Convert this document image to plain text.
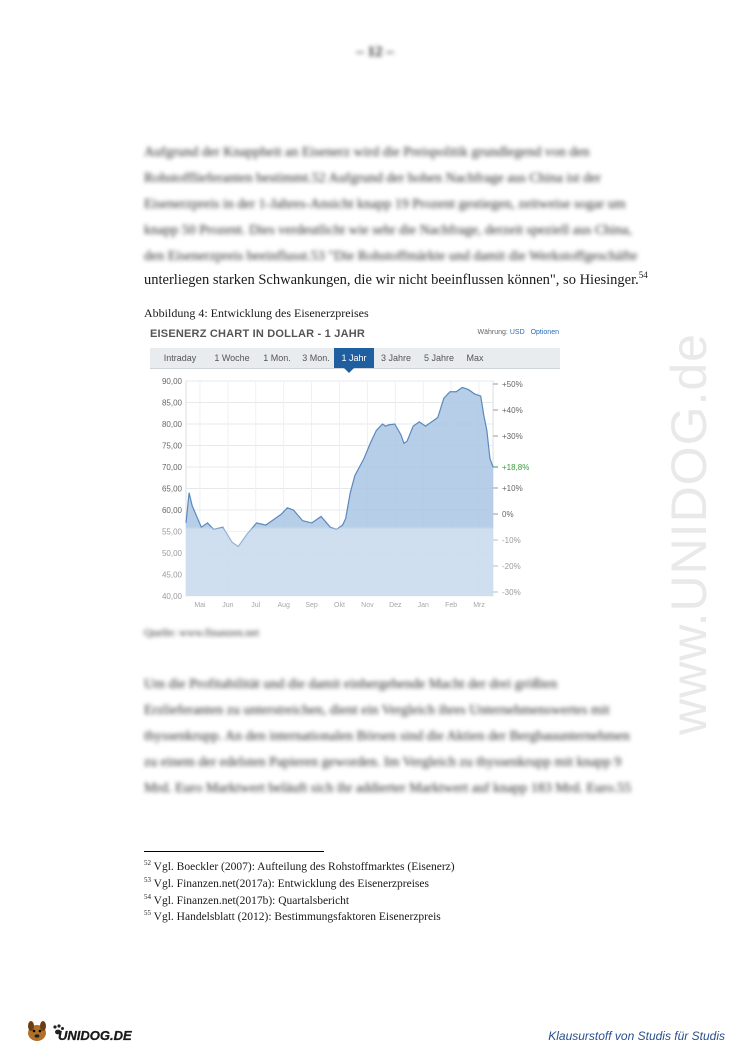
– 12 –
Aufgrund der Knappheit an Eisenerz wird die Preispolitik grundlegend von den
Rohstofflieferanten bestimmt.52 Aufgrund der hohen Nachfrage aus China ist der
Eisenerzpreis in der 1-Jahres-Ansicht knapp 19 Prozent gestiegen, zeitweise sogar um
knapp 50 Prozent. Dies verdeutlicht wie sehr die Nachfrage, derzeit speziell aus China,
den Eisenerzpreis beeinflusst.53 "Die Rohstoffmärkte und damit die Werkstoffgeschäfte
unterliegen starken Schwankungen, die wir nicht beeinflussen können", so Hiesinger.$^{54}$
Abbildung 4: Entwicklung des Eisenerzpreises
EISENERZ CHART IN DOLLAR - 1 JAHR	Währung: USD Optionen
Intraday	1 Woche	1 Mon.	3 Mon.	1 Jahr	3 Jahre	5 Jahre	Max
90,00
85,00
80,00
75,00
70,00
65,00
60,00
55,00
50,00
45,00
40,00
+50%
+40%
+30%
+10%
0%
-10%
-20%
-30%
+18,8%
Mai Jun	Jul Aug Sep Okt Nov Dez Jan Feb Mrz
Quelle: www.finanzen.net
Um die Profitabilität und die damit einhergehende Macht der drei größten
Erzlieferanten zu unterstreichen, dient ein Vergleich ihres Unternehmenswertes mit
thyssenkrupp. An den internationalen Börsen sind die Aktien der Bergbauunternehmen
zu einem der edelsten Papieren geworden. Im Vergleich zu thyssenkrupp mit knapp 9
Mrd. Euro Marktwert beläuft sich ihr addierter Marktwert auf knapp 183 Mrd. Euro.55
$^{52}$ Vgl. Boeckler (2007): Aufteilung des Rohstoffmarktes (Eisenerz)
$^{53}$ Vgl. Finanzen.net(2017a): Entwicklung des Eisenerzpreises
$^{54}$ Vgl. Finanzen.net(2017b): Quartalsbericht
$^{55}$ Vgl. Handelsblatt (2012): Bestimmungsfaktoren Eisenerzpreis
www.UNIDOG.de
UNIDOG.DE	Klausurstoff von Studis für Studis
